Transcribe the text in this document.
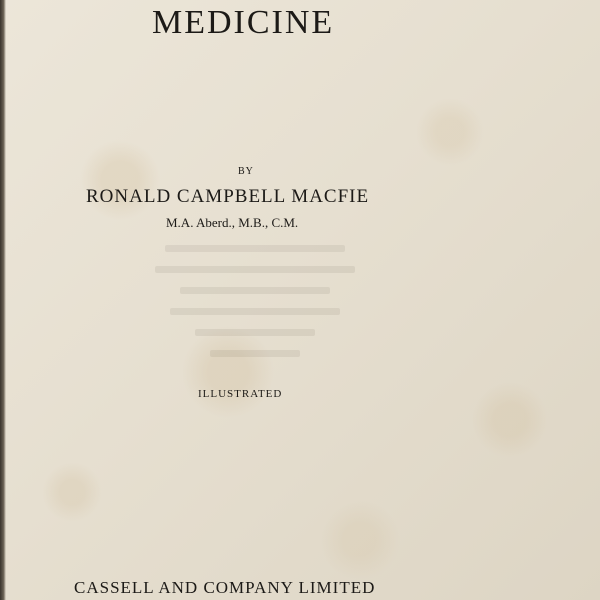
MEDICINE
BY
RONALD CAMPBELL MACFIE
M.A. Aberd., M.B., C.M.
ILLUSTRATED
CASSELL AND COMPANY LIMITED
